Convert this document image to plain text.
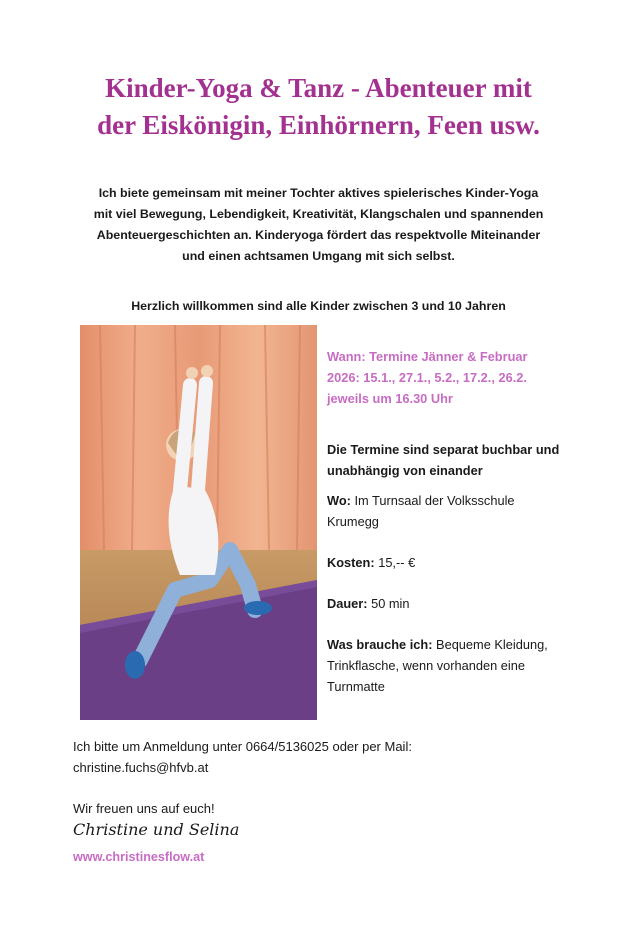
Kinder-Yoga & Tanz - Abenteuer mit
der Eiskönigin, Einhörnern, Feen usw.

Ich biete gemeinsam mit meiner Tochter aktives spielerisches Kinder-Yoga
mit viel Bewegung, Lebendigkeit, Kreativität, Klangschalen und spannenden
Abenteuergeschichten an. Kinderyoga fördert das respektvolle Miteinander
und einen achtsamen Umgang mit sich selbst.

Herzlich willkommen sind alle Kinder zwischen 3 und 10 Jahren

Wann: Termine Jänner & Februar
2026: 15.1., 27.1., 5.2., 17.2., 26.2.
jeweils um 16.30 Uhr

Die Termine sind separat buchbar und
unabhängig von einander

Wo: Im Turnsaal der Volksschule
Krumegg

Kosten: 15,-- €

Dauer: 50 min

Was brauche ich: Bequeme Kleidung,
Trinkflasche, wenn vorhanden eine
Turnmatte

Ich bitte um Anmeldung unter 0664/5136025 oder per Mail:
christine.fuchs@hfvb.at

Wir freuen uns auf euch!

Christine und Selina

www.christinesflow.at
